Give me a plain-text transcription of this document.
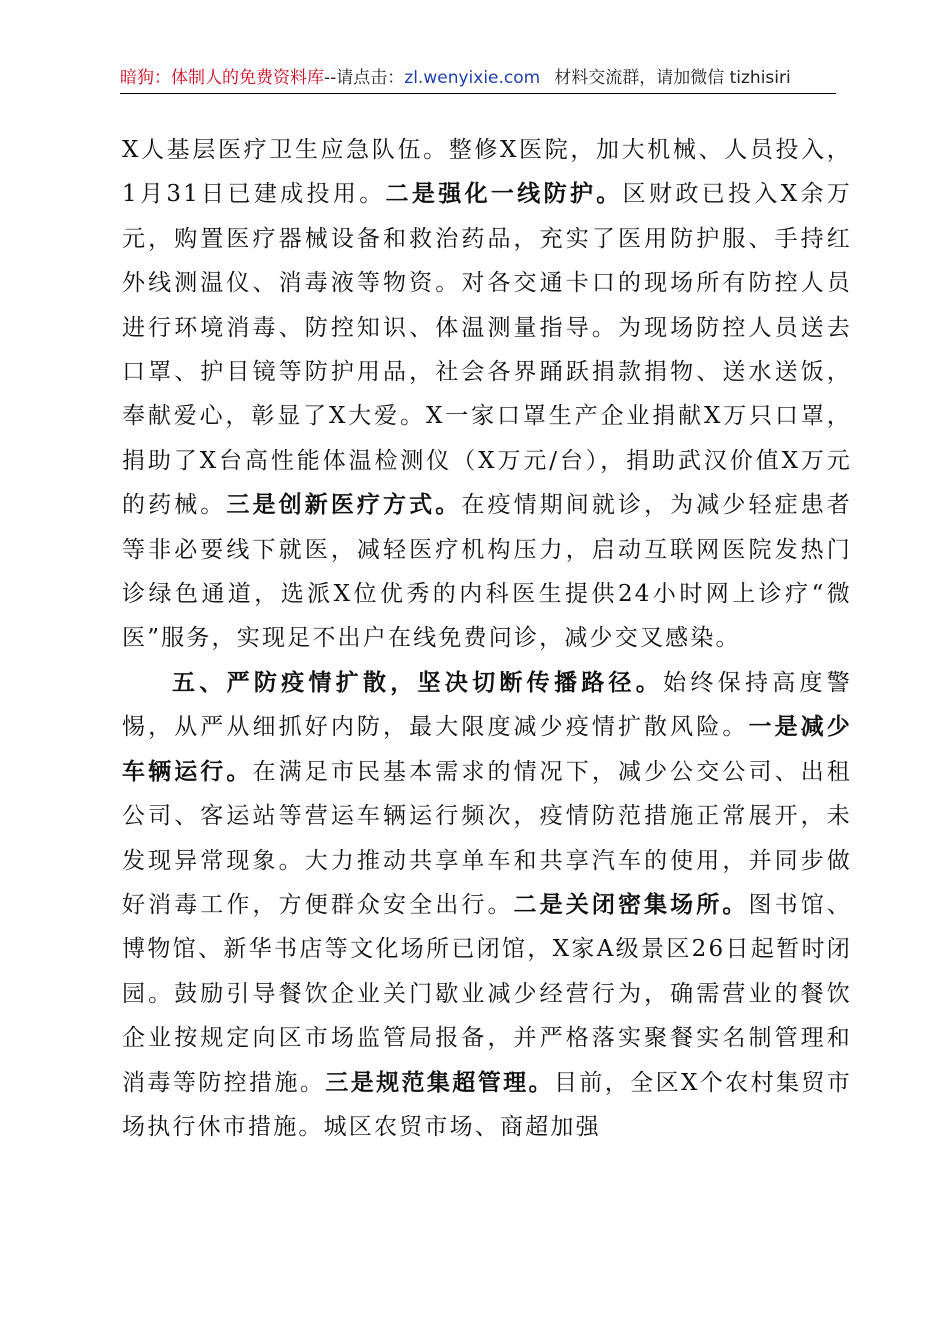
暗狗：体制人的免费资料库--请点击：zl.wenyixie.com 材料交流群，请加微信 tizhisiri

X人基层医疗卫生应急队伍。整修X医院，加大机械、人员投入，1月31日已建成投用。二是强化一线防护。区财政已投入X余万元，购置医疗器械设备和救治药品，充实了医用防护服、手持红外线测温仪、消毒液等物资。对各交通卡口的现场所有防控人员进行环境消毒、防控知识、体温测量指导。为现场防控人员送去口罩、护目镜等防护用品，社会各界踊跃捐款捐物、送水送饭，奉献爱心，彰显了X大爱。X一家口罩生产企业捐献X万只口罩，捐助了X台高性能体温检测仪（X万元/台），捐助武汉价值X万元的药械。三是创新医疗方式。在疫情期间就诊，为减少轻症患者等非必要线下就医，减轻医疗机构压力，启动互联网医院发热门诊绿色通道，选派X位优秀的内科医生提供24小时网上诊疗“微医”服务，实现足不出户在线免费问诊，减少交叉感染。

五、严防疫情扩散，坚决切断传播路径。始终保持高度警惕，从严从细抓好内防，最大限度减少疫情扩散风险。一是减少车辆运行。在满足市民基本需求的情况下，减少公交公司、出租公司、客运站等营运车辆运行频次，疫情防范措施正常展开，未发现异常现象。大力推动共享单车和共享汽车的使用，并同步做好消毒工作，方便群众安全出行。二是关闭密集场所。图书馆、博物馆、新华书店等文化场所已闭馆，X家A级景区26日起暂时闭园。鼓励引导餐饮企业关门歇业减少经营行为，确需营业的餐饮企业按规定向区市场监管局报备，并严格落实聚餐实名制管理和消毒等防控措施。三是规范集超管理。目前，全区X个农村集贸市场执行休市措施。城区农贸市场、商超加强
